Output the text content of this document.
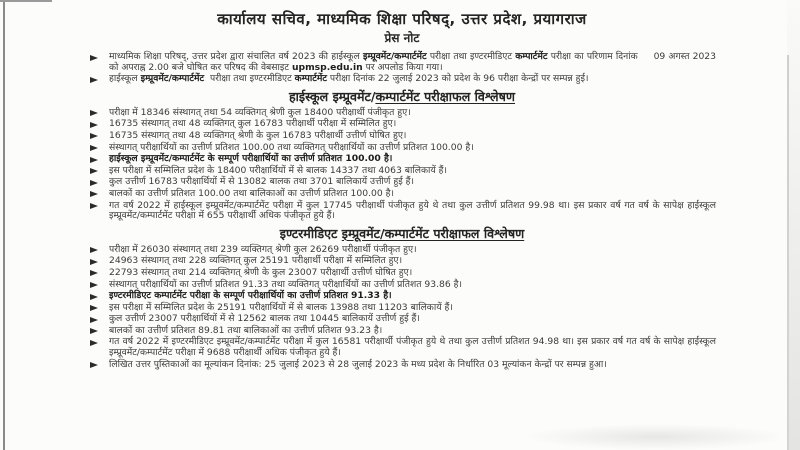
कार्यालय सचिव, माध्यमिक शिक्षा परिषद्, उत्तर प्रदेश, प्रयागराज
प्रेस नोट
माध्यमिक शिक्षा परिषद्, उत्तर प्रदेश द्वारा संचालित वर्ष 2023 की हाईस्कूल इम्प्रूवमेंट/कम्पार्टमेंट परीक्षा तथा इण्टरमीडिएट कम्पार्टमेंट परीक्षा का परिणाम दिनांक     09 अगस्त 2023 को अपराह्न 2.00 बजे घोषित कर परिषद की वेबसाइट upmsp.edu.in पर अपलोड किया गया।
हाईस्कूल इम्प्रूवमेंट/कम्पार्टमेंट  परीक्षा तथा इण्टरमीडिएट कम्पार्टमेंट परीक्षा दिनांक 22 जुलाई 2023 को प्रदेश के 96 परीक्षा केन्द्रों पर सम्पन्न हुई।
हाईस्कूल इम्प्रूवमेंट/कम्पार्टमेंट परीक्षाफल विश्लेषण
परीक्षा में 18346 संस्थागत् तथा 54 व्यक्तिगत् श्रेणी कुल 18400 परीक्षार्थी पंजीकृत हुए।
16735 संस्थागत् तथा 48 व्यक्तिगत् कुल 16783 परीक्षार्थी परीक्षा में सम्मिलित हुए।
16735 संस्थागत् तथा 48 व्यक्तिगत् श्रेणी के कुल 16783 परीक्षार्थी उत्तीर्ण घोषित हुए।
संस्थागत् परीक्षार्थियों का उत्तीर्ण प्रतिशत 100.00 तथा व्यक्तिगत् परीक्षार्थियों का उत्तीर्ण प्रतिशत 100.00 है।
हाईस्कूल इम्प्रूवमेंट/कम्पार्टमेंट के सम्पूर्ण परीक्षार्थियों का उत्तीर्ण प्रतिशत 100.00 है।
इस परीक्षा में सम्मिलित प्रदेश के 18400 परीक्षार्थियों में से बालक 14337 तथा 4063 बालिकायें हैं।
कुल उत्तीर्ण 16783 परीक्षार्थियों में से 13082 बालक तथा 3701 बालिकायें उत्तीर्ण हुई हैं।
बालकों का उत्तीर्ण प्रतिशत 100.00 तथा बालिकाओं का उत्तीर्ण प्रतिशत 100.00 है।
गत वर्ष 2022 में हाईस्कूल इम्प्रूवमेंट/कम्पार्टमेंट परीक्षा में कुल 17745 परीक्षार्थी पंजीकृत हुये थे तथा कुल उत्तीर्ण प्रतिशत 99.98 था। इस प्रकार वर्ष गत वर्ष के सापेक्ष हाईस्कूल इम्प्रूवमेंट/कम्पार्टमेंट परीक्षा में 655 परीक्षार्थी अधिक पंजीकृत हुये हैं।
इण्टरमीडिएट इम्प्रूवमेंट/कम्पार्टमेंट परीक्षाफल विश्लेषण
परीक्षा में 26030 संस्थागत् तथा 239 व्यक्तिगत् श्रेणी कुल 26269 परीक्षार्थी पंजीकृत हुए।
24963 संस्थागत् तथा 228 व्यक्तिगत् कुल 25191 परीक्षार्थी परीक्षा में सम्मिलित हुए।
22793 संस्थागत् तथा 214 व्यक्तिगत् श्रेणी के कुल 23007 परीक्षार्थी उत्तीर्ण घोषित हुए।
संस्थागत् परीक्षार्थियों का उत्तीर्ण प्रतिशत 91.33 तथा व्यक्तिगत् परीक्षार्थियों का उत्तीर्ण प्रतिशत 93.86 है।
इण्टरमीडिएट कम्पार्टमेंट परीक्षा के सम्पूर्ण परीक्षार्थियों का उत्तीर्ण प्रतिशत 91.33 है।
इस परीक्षा में सम्मिलित प्रदेश के 25191 परीक्षार्थियों में से बालक 13988 तथा 11203 बालिकायें हैं।
कुल उत्तीर्ण 23007 परीक्षार्थियों में से 12562 बालक तथा 10445 बालिकायें उत्तीर्ण हुई हैं।
बालकों का उत्तीर्ण प्रतिशत 89.81 तथा बालिकाओं का उत्तीर्ण प्रतिशत 93.23 है।
गत वर्ष 2022 में इण्टरमीडिएट इम्प्रूवमेंट/कम्पार्टमेंट परीक्षा में कुल 16581 परीक्षार्थी पंजीकृत हुये थे तथा कुल उत्तीर्ण प्रतिशत 94.98 था। इस प्रकार वर्ष गत वर्ष के सापेक्ष हाईस्कूल इम्प्रूवमेंट/कम्पार्टमेंट परीक्षा में 9688 परीक्षार्थी अधिक पंजीकृत हुये हैं।
लिखित उत्तर पुस्तिकाओं का मूल्यांकन दिनांक: 25 जुलाई 2023 से 28 जुलाई 2023 के मध्य प्रदेश के निर्धारित 03 मूल्यांकन केन्द्रों पर सम्पन्न हुआ।
